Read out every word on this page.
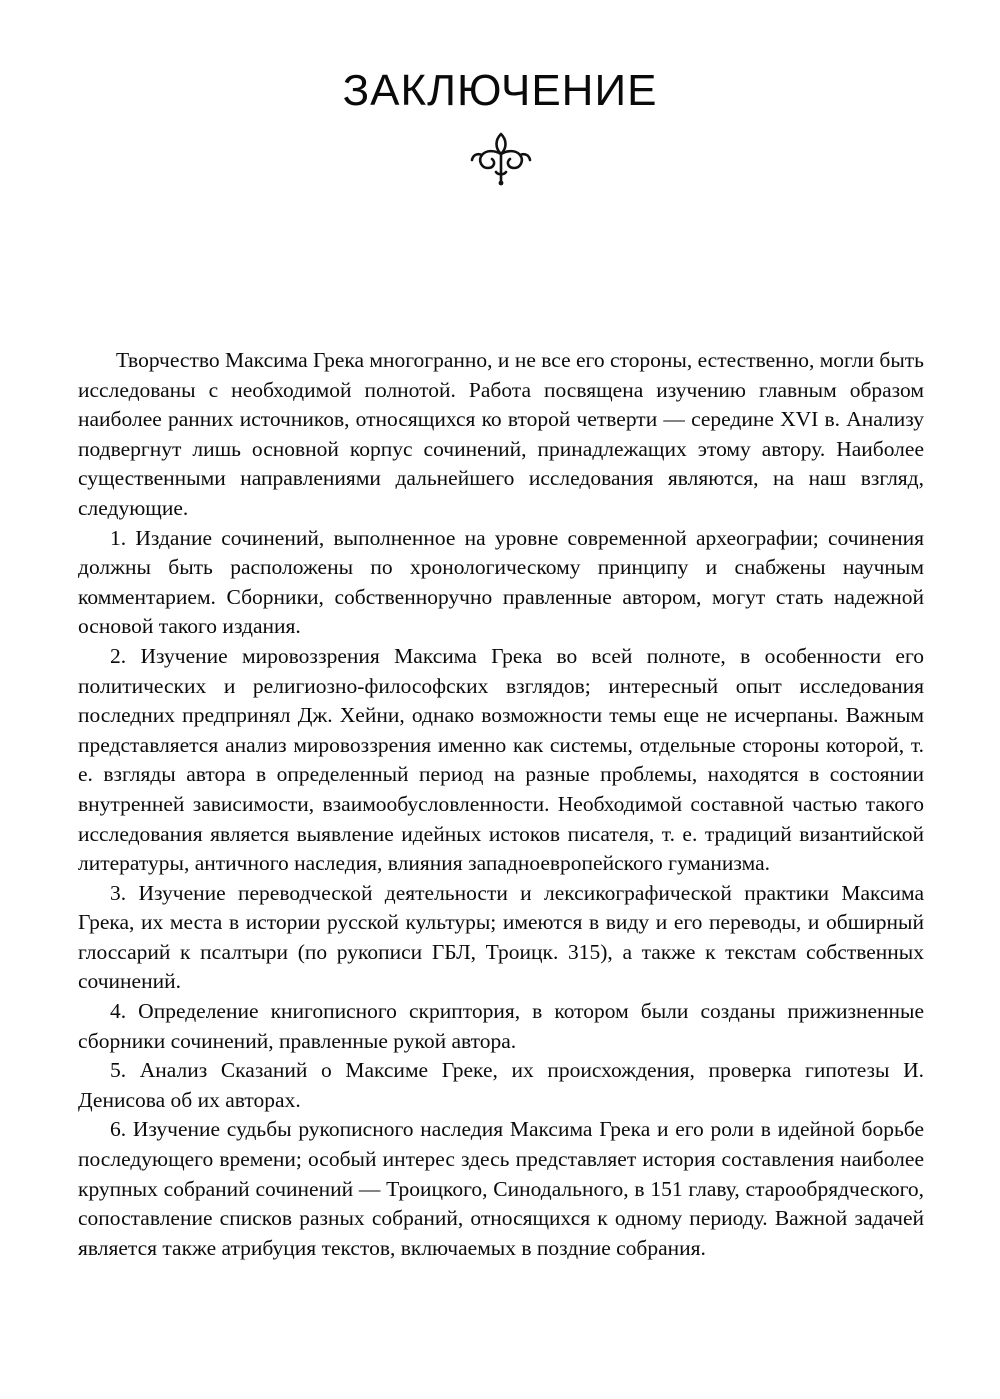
ЗАКЛЮЧЕНИЕ

Творчество Максима Грека многогранно, и не все его стороны, естественно, могли быть исследованы с необходимой полнотой. Работа посвящена изучению главным образом наиболее ранних источников, относящихся ко второй четверти — середине XVI в. Анализу подвергнут лишь основной корпус сочинений, принадлежащих этому автору. Наиболее существенными направлениями дальнейшего исследования являются, на наш взгляд, следующие.

1. Издание сочинений, выполненное на уровне современной археографии; сочинения должны быть расположены по хронологическому принципу и снабжены научным комментарием. Сборники, собственноручно правленные автором, могут стать надежной основой такого издания.

2. Изучение мировоззрения Максима Грека во всей полноте, в особенности его политических и религиозно-философских взглядов; интересный опыт исследования последних предпринял Дж. Хейни, однако возможности темы еще не исчерпаны. Важным представляется анализ мировоззрения именно как системы, отдельные стороны которой, т. е. взгляды автора в определенный период на разные проблемы, находятся в состоянии внутренней зависимости, взаимообусловленности. Необходимой составной частью такого исследования является выявление идейных истоков писателя, т. е. традиций византийской литературы, античного наследия, влияния западноевропейского гуманизма.

3. Изучение переводческой деятельности и лексикографической практики Максима Грека, их места в истории русской культуры; имеются в виду и его переводы, и обширный глоссарий к псалтыри (по рукописи ГБЛ, Троицк. 315), а также к текстам собственных сочинений.

4. Определение книгописного скриптория, в котором были созданы прижизненные сборники сочинений, правленные рукой автора.

5. Анализ Сказаний о Максиме Греке, их происхождения, проверка гипотезы И. Денисова об их авторах.

6. Изучение судьбы рукописного наследия Максима Грека и его роли в идейной борьбе последующего времени; особый интерес здесь представляет история составления наиболее крупных собраний сочинений — Троицкого, Синодального, в 151 главу, старообрядческого, сопоставление списков разных собраний, относящихся к одному периоду. Важной задачей является также атрибуция текстов, включаемых в поздние собрания.
